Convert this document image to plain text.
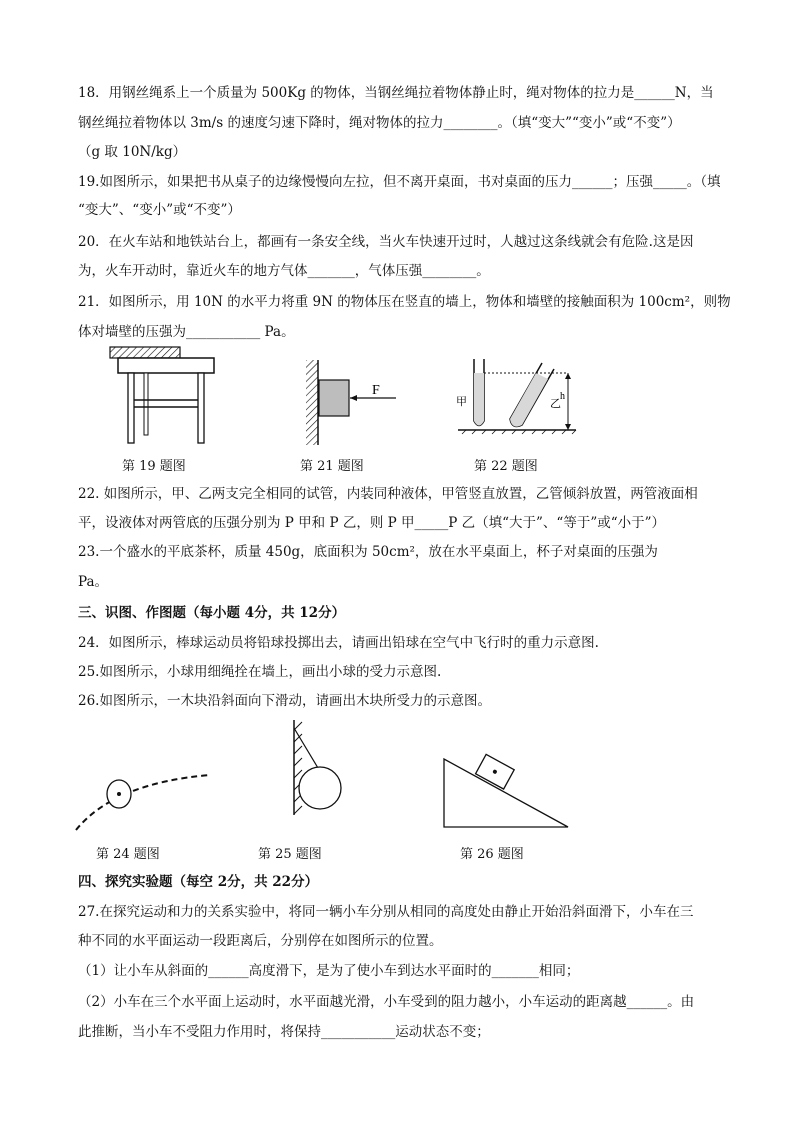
18．用钢丝绳系上一个质量为 500Kg 的物体，当钢丝绳拉着物体静止时，绳对物体的拉力是______N，当
钢丝绳拉着物体以 3m/s 的速度匀速下降时，绳对物体的拉力________。（填“变大”“变小”或“不变”）
（g 取 10N/kg）
19.如图所示，如果把书从桌子的边缘慢慢向左拉，但不离开桌面，书对桌面的压力______；压强_____。（填
“变大”、“变小”或“不变”）
20．在火车站和地铁站台上，都画有一条安全线，当火车快速开过时，人越过这条线就会有危险.这是因
为，火车开动时，靠近火车的地方气体_______，气体压强________。
21．如图所示，用 10N 的水平力将重 9N 的物体压在竖直的墙上，物体和墙壁的接触面积为 100cm²，则物
体对墙壁的压强为___________ Pa。
F
甲	乙
h
第 19 题图	第 21 题图	第 22 题图
22. 如图所示，甲、乙两支完全相同的试管，内装同种液体，甲管竖直放置，乙管倾斜放置，两管液面相
平，设液体对两管底的压强分别为 P 甲和 P 乙，则 P 甲_____P 乙（填“大于”、“等于”或“小于”）
23.一个盛水的平底茶杯，质量 450g，底面积为 50cm²，放在水平桌面上，杯子对桌面的压强为
Pa。
三、识图、作图题（每小题 4分，共 12分）
24．如图所示，棒球运动员将铅球投掷出去，请画出铅球在空气中飞行时的重力示意图.
25.如图所示，小球用细绳拴在墙上，画出小球的受力示意图.
26.如图所示，一木块沿斜面向下滑动，请画出木块所受力的示意图。
第 24 题图	第 25 题图	第 26 题图
四、探究实验题（每空 2分，共 22分）
27.在探究运动和力的关系实验中，将同一辆小车分别从相同的高度处由静止开始沿斜面滑下，小车在三
种不同的水平面运动一段距离后，分别停在如图所示的位置。
（1）让小车从斜面的______高度滑下，是为了使小车到达水平面时的_______相同；
（2）小车在三个水平面上运动时，水平面越光滑，小车受到的阻力越小，小车运动的距离越______。由
此推断，当小车不受阻力作用时，将保持___________运动状态不变；
